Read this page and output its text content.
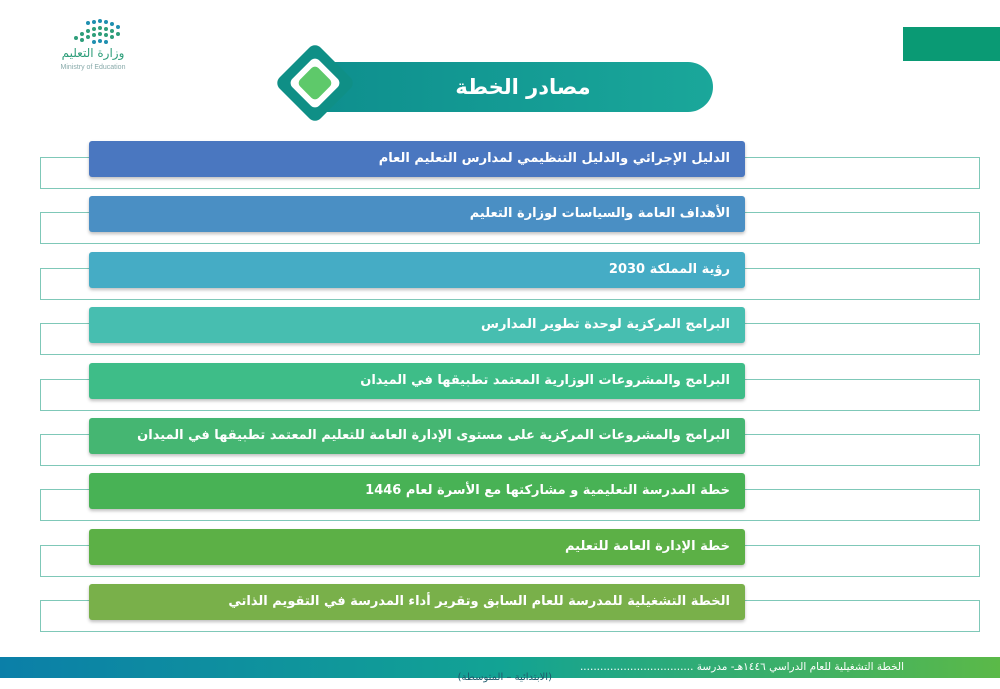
وزارة التعليم
Ministry of Education
مصادر الخطة
الدليل الإجرائي والدليل التنظيمي لمدارس التعليم العام
الأهداف العامة والسياسات لوزارة التعليم
رؤية المملكة 2030
البرامج المركزية لوحدة تطوير المدارس
البرامج والمشروعات الوزارية المعتمد تطبيقها في الميدان
البرامج والمشروعات المركزية على مستوى الإدارة العامة للتعليم المعتمد تطبيقها في الميدان
خطة المدرسة التعليمية و مشاركتها مع الأسرة لعام 1446
خطة الإدارة العامة للتعليم
الخطة التشغيلية للمدرسة للعام السابق وتقرير أداء المدرسة في التقويم الذاتي
الخطة التشغيلية للعام الدراسي ١٤٤٦هـ- مدرسة ..................................
(الابتدائية – المتوسطة)
